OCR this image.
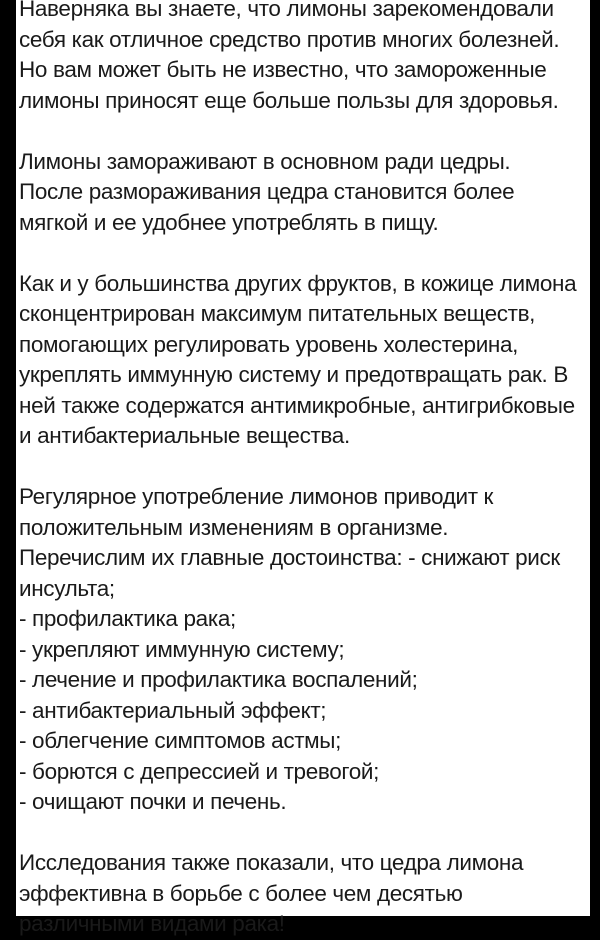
Наверняка вы знаете, что лимоны зарекомендовали
себя как отличное средство против многих болезней.
Но вам может быть не известно, что замороженные
лимоны приносят еще больше пользы для здоровья.
Лимоны замораживают в основном ради цедры.
После размораживания цедра становится более
мягкой и ее удобнее употреблять в пищу.
Как и у большинства других фруктов, в кожице лимона
сконцентрирован максимум питательных веществ,
помогающих регулировать уровень холестерина,
укреплять иммунную систему и предотвращать рак. В
ней также содержатся антимикробные, антигрибковые
и антибактериальные вещества.
Регулярное употребление лимонов приводит к
положительным изменениям в организме.
Перечислим их главные достоинства: - снижают риск
инсульта;
- профилактика рака;
- укрепляют иммунную систему;
- лечение и профилактика воспалений;
- антибактериальный эффект;
- облегчение симптомов астмы;
- борются с депрессией и тревогой;
- очищают почки и печень.
Исследования также показали, что цедра лимона
эффективна в борьбе с более чем десятью
различными видами рака!
